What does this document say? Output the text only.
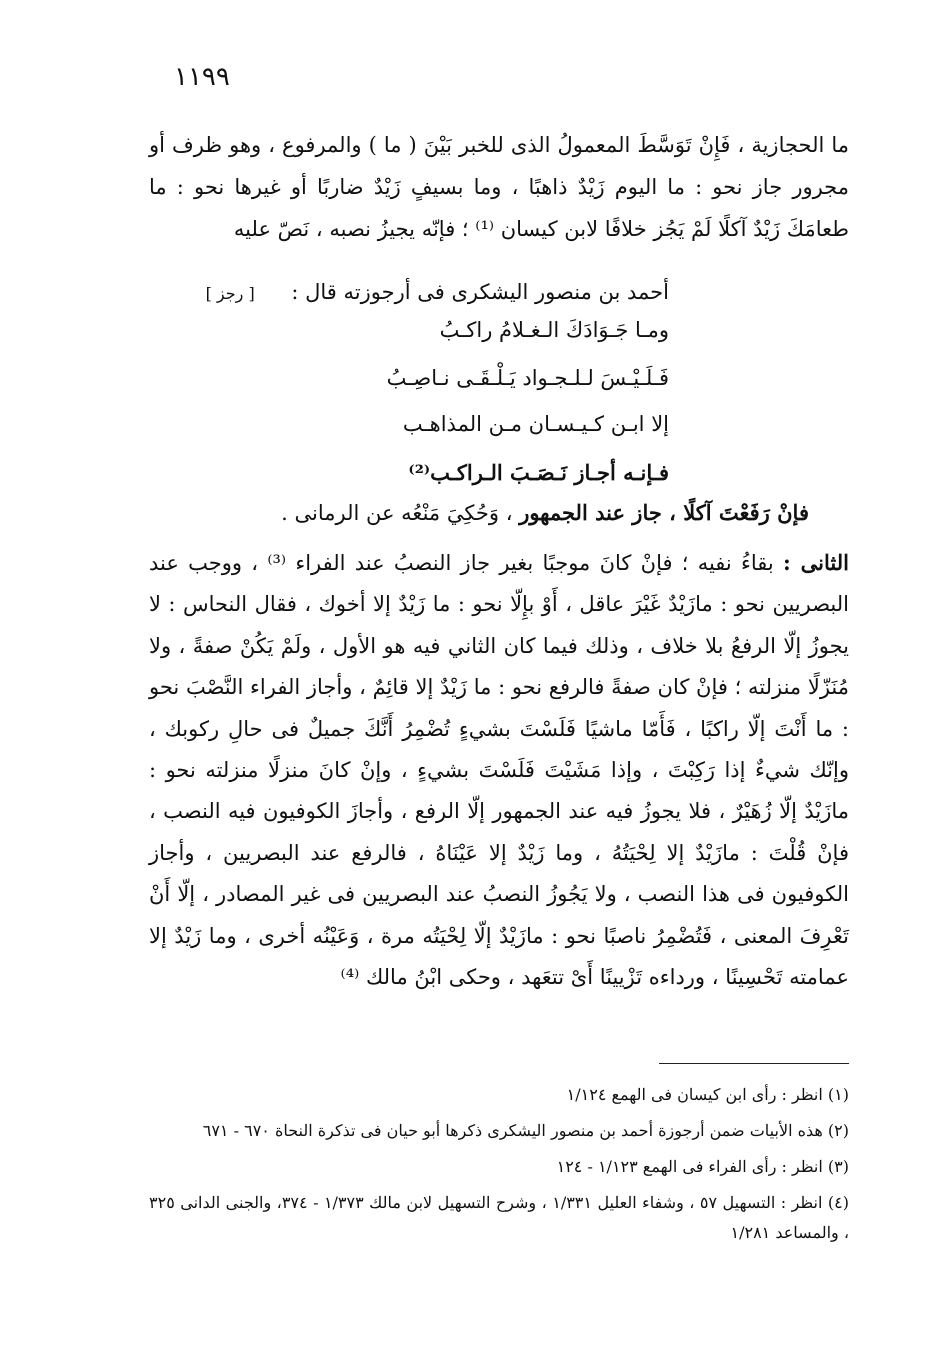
١١٩٩

ما الحجازية ، فَإِنْ تَوَسَّطَ المعمولُ الذى للخبر بَيْنَ ( ما ) والمرفوع ، وهو ظرف أو مجرور جاز نحو : ما اليوم زَيْدٌ ذاهبًا ، وما بسيفٍ زَيْدٌ ضاربًا أو غيرها نحو : ما طعامَكَ زَيْدٌ آكلًا لَمْ يَجُز خلافًا لابن كيسان ⁽¹⁾ ؛ فإنّه يجيزُ نصبه ، نَصّ عليه

أحمد بن منصور اليشكرى فى أرجوزته قال : [ رجز ]
ومـا جَـوَادَكَ الـغـلامُ راكـبُ
فَـلَـيْـسَ لـلـجـواد يَـلْـقَـى نـاصِـبُ
إلا ابـن كـيـسـان مـن المذاهـب
فـإنـه أجـاز نَـصَـبَ الـراكـب⁽²⁾
فإنْ رَفَعْتَ آكلًا ، جاز عند الجمهور ، وَحُكِيَ مَنْعُه عن الرمانى .

الثانى : بقاءُ نفيه ؛ فإنْ كانَ موجبًا بغير جاز النصبُ عند الفراء ⁽³⁾ ، ووجب عند البصريين نحو : مازَيْدٌ غَيْرَ عاقل ، أَوْ بإِلّا نحو : ما زَيْدٌ إلا أخوك ، فقال النحاس : لا يجوزُ إلّا الرفعُ بلا خلاف ، وذلك فيما كان الثاني فيه هو الأول ، ولَمْ يَكُنْ صفةً ، ولا مُنَزّلًا منزلته ؛ فإنْ كان صفةً فالرفع نحو : ما زَيْدٌ إلا قائِمٌ ، وأجاز الفراء النَّصْبَ نحو : ما أَنْتَ إلّا راكبًا ، فَأَمّا ماشيًا فَلَسْتَ بشيءٍ تُضْمِرُ أَنَّكَ جميلٌ فى حالِ ركوبك ، وإنّك شيءٌ إذا رَكِبْتَ ، وإذا مَشَيْتَ فَلَسْتَ بشيءٍ ، وإنْ كانَ منزلًا منزلته نحو : مازَيْدٌ إلّا زُهَيْرٌ ، فلا يجوزُ فيه عند الجمهور إلّا الرفع ، وأجازَ الكوفيون فيه النصب ، فإنْ قُلْتَ : مازَيْدٌ إلا لِحْيَتُهُ ، وما زَيْدٌ إلا عَيْنَاهُ ، فالرفع عند البصريين ، وأجاز الكوفيون فى هذا النصب ، ولا يَجُوزُ النصبُ عند البصريين فى غير المصادر ، إلّا أَنْ تَعْرِفَ المعنى ، فَتُضْمِرُ ناصبًا نحو : مازَيْدٌ إلّا لِحْيَتُه مرة ، وَعَيْنُه أخرى ، وما زَيْدٌ إلا عمامته تَحْسِينًا ، ورداءه تَزْيينًا أَىْ تتعَهد ، وحكى ابْنُ مالك ⁽⁴⁾

(١) انظر : رأى ابن كيسان فى الهمع ١/١٢٤

(٢) هذه الأبيات ضمن أرجوزة أحمد بن منصور اليشكرى ذكرها أبو حيان فى تذكرة النحاة ٦٧٠ - ٦٧١

(٣) انظر : رأى الفراء فى الهمع ١/١٢٣ - ١٢٤

(٤) انظر : التسهيل ٥٧ ، وشفاء العليل ١/٣٣١ ، وشرح التسهيل لابن مالك ١/٣٧٣ - ٣٧٤، والجنى الدانى ٣٢٥ ، والمساعد ١/٢٨١
